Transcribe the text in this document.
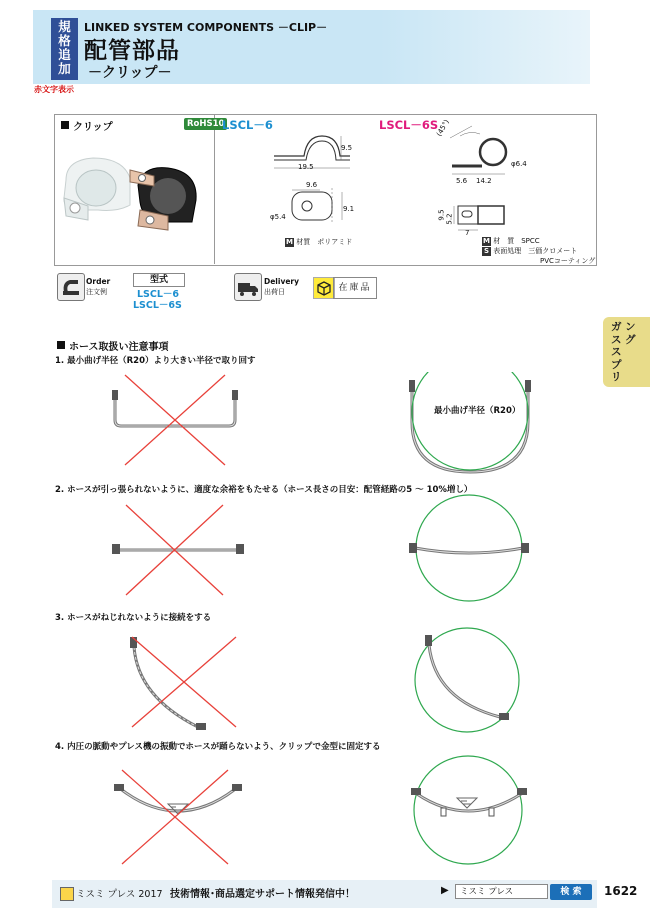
規
格
追
加
赤文字表示
LINKED SYSTEM COMPONENTS －CLIP－
配管部品
－クリップ－
クリップ	RoHS10
LSCL－6	LSCL－6S
9.5
19.5
9.6
9.1
φ5.4
M 材質　 ポリアミド
(45°)
φ6.4
5.6 14.2
9.5 5.2
7
M 材　質　 SPCC
S 表面処理　 三価クロメート
PVCコーティング
Order
注文例
型式
LSCL－6
LSCL－6S
Delivery
出荷日	在庫品
ホース取扱い注意事項
1. 最小曲げ半径（R20）より大きい半径で取り回す
2. ホースが引っ張られないように、適度な余裕をもたせる（ホース長さの目安：配管経路の5 ～ 10%増し）
3. ホースがねじれないように接続をする
4. 内圧の脈動やプレス機の振動でホースが踊らないよう、クリップで金型に固定する
最小曲げ半径（R20）
ガ
ス
ス
プ
リ
ン
グ
ミスミ プレス 2017 技術情報･商品選定サポート情報発信中！	▶	ミスミ プレス	検 索	1622
